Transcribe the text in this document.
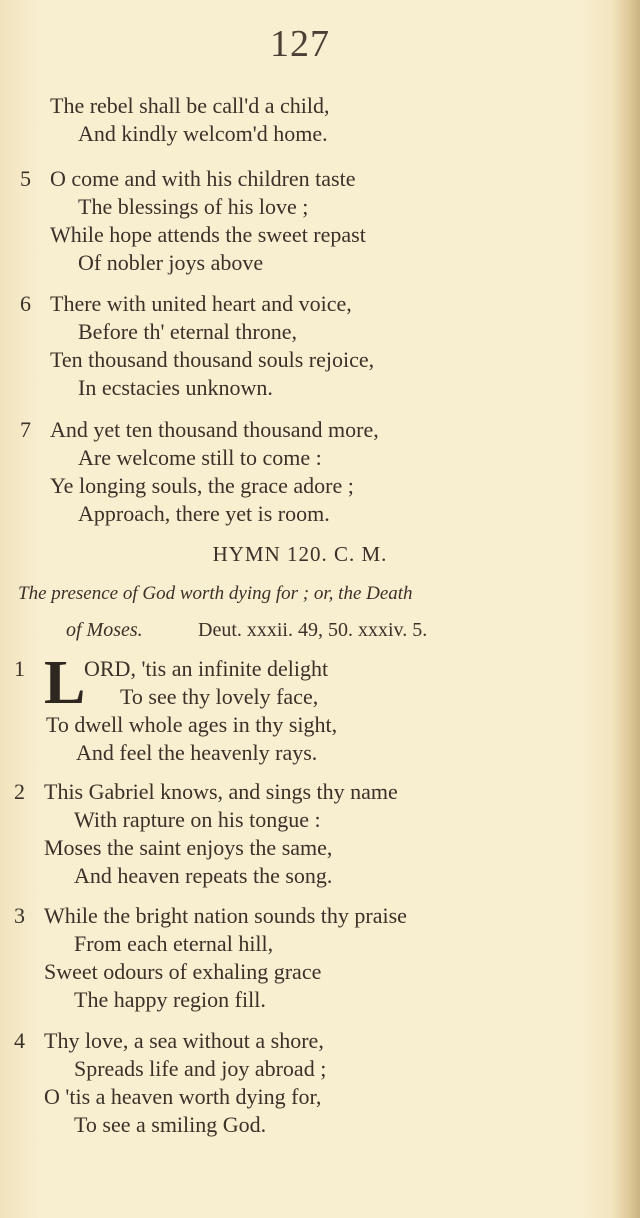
127
The rebel shall be call'd a child,
And kindly welcom'd home.
5 O come and with his children taste
The blessings of his love ;
While hope attends the sweet repast
Of nobler joys above
6 There with united heart and voice,
Before th' eternal throne,
Ten thousand thousand souls rejoice,
In ecstacies unknown.
7 And yet ten thousand thousand more,
Are welcome still to come :
Ye longing souls, the grace adore ;
Approach, there yet is room.
HYMN 120. C. M.
The presence of God worth dying for ; or, the Death
of Moses.	Deut. xxxii. 49, 50. xxxiv. 5.
1 L
ORD, 'tis an infinite delight
To see thy lovely face,
To dwell whole ages in thy sight,
And feel the heavenly rays.
2 This Gabriel knows, and sings thy name
With rapture on his tongue :
Moses the saint enjoys the same,
And heaven repeats the song.
3 While the bright nation sounds thy praise
From each eternal hill,
Sweet odours of exhaling grace
The happy region fill.
4 Thy love, a sea without a shore,
Spreads life and joy abroad ;
O 'tis a heaven worth dying for,
To see a smiling God.
